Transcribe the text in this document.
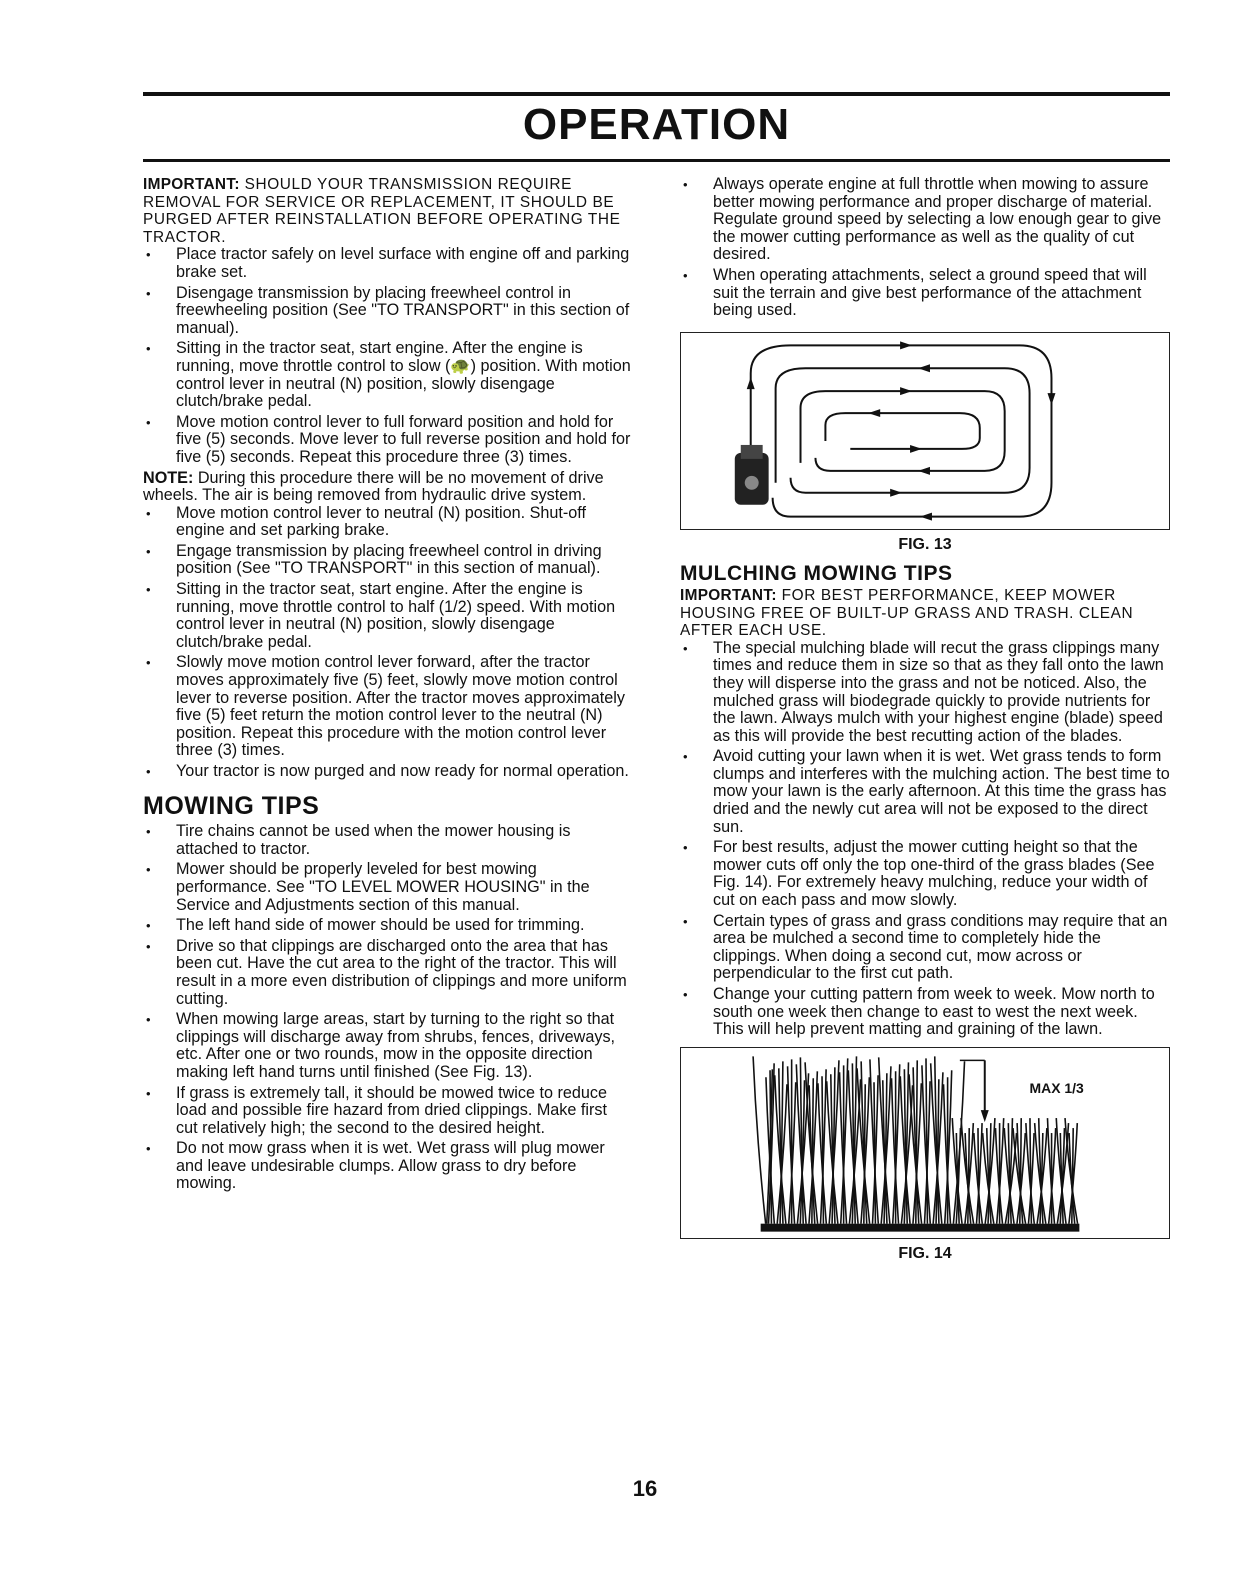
OPERATION

IMPORTANT: SHOULD YOUR TRANSMISSION REQUIRE REMOVAL FOR SERVICE OR REPLACEMENT, IT SHOULD BE PURGED AFTER REINSTALLATION BEFORE OPERATING THE TRACTOR.

• Place tractor safely on level surface with engine off and parking brake set.
• Disengage transmission by placing freewheel control in freewheeling position (See "TO TRANSPORT" in this section of manual).
• Sitting in the tractor seat, start engine. After the engine is running, move throttle control to slow (🐢) position. With motion control lever in neutral (N) position, slowly disengage clutch/brake pedal.
• Move motion control lever to full forward position and hold for five (5) seconds. Move lever to full reverse position and hold for five (5) seconds. Repeat this procedure three (3) times.

NOTE: During this procedure there will be no movement of drive wheels. The air is being removed from hydraulic drive system.

• Move motion control lever to neutral (N) position. Shut-off engine and set parking brake.
• Engage transmission by placing freewheel control in driving position (See "TO TRANSPORT" in this section of manual).
• Sitting in the tractor seat, start engine. After the engine is running, move throttle control to half (1/2) speed. With motion control lever in neutral (N) position, slowly disengage clutch/brake pedal.
• Slowly move motion control lever forward, after the tractor moves approximately five (5) feet, slowly move motion control lever to reverse position. After the tractor moves approximately five (5) feet return the motion control lever to the neutral (N) position. Repeat this procedure with the motion control lever three (3) times.
• Your tractor is now purged and now ready for normal operation.
MOWING TIPS
• Tire chains cannot be used when the mower housing is attached to tractor.
• Mower should be properly leveled for best mowing performance. See "TO LEVEL MOWER HOUSING" in the Service and Adjustments section of this manual.
• The left hand side of mower should be used for trimming.
• Drive so that clippings are discharged onto the area that has been cut. Have the cut area to the right of the tractor. This will result in a more even distribution of clippings and more uniform cutting.
• When mowing large areas, start by turning to the right so that clippings will discharge away from shrubs, fences, driveways, etc. After one or two rounds, mow in the opposite direction making left hand turns until finished (See Fig. 13).
• If grass is extremely tall, it should be mowed twice to reduce load and possible fire hazard from dried clippings. Make first cut relatively high; the second to the desired height.
• Do not mow grass when it is wet. Wet grass will plug mower and leave undesirable clumps. Allow grass to dry before mowing.
• Always operate engine at full throttle when mowing to assure better mowing performance and proper discharge of material. Regulate ground speed by selecting a low enough gear to give the mower cutting performance as well as the quality of cut desired.
• When operating attachments, select a ground speed that will suit the terrain and give best performance of the attachment being used.
FIG. 13
MULCHING MOWING TIPS

IMPORTANT: FOR BEST PERFORMANCE, KEEP MOWER HOUSING FREE OF BUILT-UP GRASS AND TRASH. CLEAN AFTER EACH USE.

• The special mulching blade will recut the grass clippings many times and reduce them in size so that as they fall onto the lawn they will disperse into the grass and not be noticed. Also, the mulched grass will biodegrade quickly to provide nutrients for the lawn. Always mulch with your highest engine (blade) speed as this will provide the best recutting action of the blades.
• Avoid cutting your lawn when it is wet. Wet grass tends to form clumps and interferes with the mulching action. The best time to mow your lawn is the early afternoon. At this time the grass has dried and the newly cut area will not be exposed to the direct sun.
• For best results, adjust the mower cutting height so that the mower cuts off only the top one-third of the grass blades (See Fig. 14). For extremely heavy mulching, reduce your width of cut on each pass and mow slowly.
• Certain types of grass and grass conditions may require that an area be mulched a second time to completely hide the clippings. When doing a second cut, mow across or perpendicular to the first cut path.
• Change your cutting pattern from week to week. Mow north to south one week then change to east to west the next week. This will help prevent matting and graining of the lawn.
MAX 1/3
FIG. 14
16
